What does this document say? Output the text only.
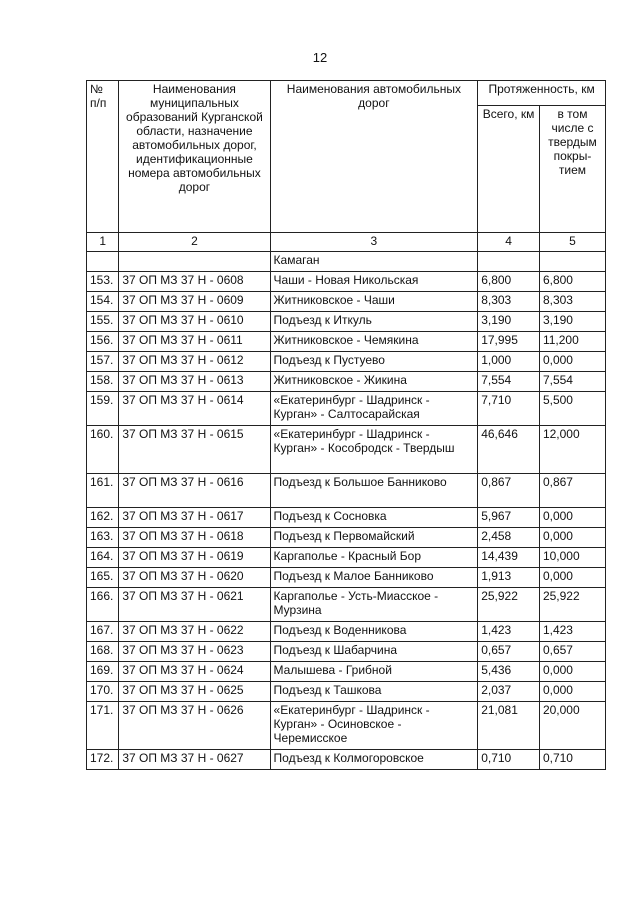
12
№ п/п	Наименования муниципальных образований Курганской области, назначение автомобильных дорог, идентификационные номера автомобильных дорог	Наименования автомобильных дорог	Протяженность, км	
			Всего, км	в том числе с твердым покры-тием
1	2	3	4	5
		Камаган		
153.	37 ОП МЗ 37 Н - 0608	Чаши - Новая Никольская	6,800	6,800
154.	37 ОП МЗ 37 Н - 0609	Житниковское - Чаши	8,303	8,303
155.	37 ОП МЗ 37 Н - 0610	Подъезд к Иткуль	3,190	3,190
156.	37 ОП МЗ 37 Н - 0611	Житниковское - Чемякина	17,995	11,200
157.	37 ОП МЗ 37 Н - 0612	Подъезд к Пустуево	1,000	0,000
158.	37 ОП МЗ 37 Н - 0613	Житниковское - Жикина	7,554	7,554
159.	37 ОП МЗ 37 Н - 0614	«Екатеринбург - Шадринск - Курган» - Салтосарайская	7,710	5,500
160.	37 ОП МЗ 37 Н - 0615	«Екатеринбург - Шадринск - Курган» - Кособродск - Твердыш	46,646	12,000
161.	37 ОП МЗ 37 Н - 0616	Подъезд к Большое Банниково	0,867	0,867
162.	37 ОП МЗ 37 Н - 0617	Подъезд к Сосновка	5,967	0,000
163.	37 ОП МЗ 37 Н - 0618	Подъезд к Первомайский	2,458	0,000
164.	37 ОП МЗ 37 Н - 0619	Каргаполье - Красный Бор	14,439	10,000
165.	37 ОП МЗ 37 Н - 0620	Подъезд к Малое Банниково	1,913	0,000
166.	37 ОП МЗ 37 Н - 0621	Каргаполье - Усть-Миасское - Мурзина	25,922	25,922
167.	37 ОП МЗ 37 Н - 0622	Подъезд к Воденникова	1,423	1,423
168.	37 ОП МЗ 37 Н - 0623	Подъезд к Шабарчина	0,657	0,657
169.	37 ОП МЗ 37 Н - 0624	Малышева - Грибной	5,436	0,000
170.	37 ОП МЗ 37 Н - 0625	Подъезд к Ташкова	2,037	0,000
171.	37 ОП МЗ 37 Н - 0626	«Екатеринбург - Шадринск - Курган» - Осиновское - Черемисское	21,081	20,000
172.	37 ОП МЗ 37 Н - 0627	Подъезд к Колмогоровское	0,710	0,710
